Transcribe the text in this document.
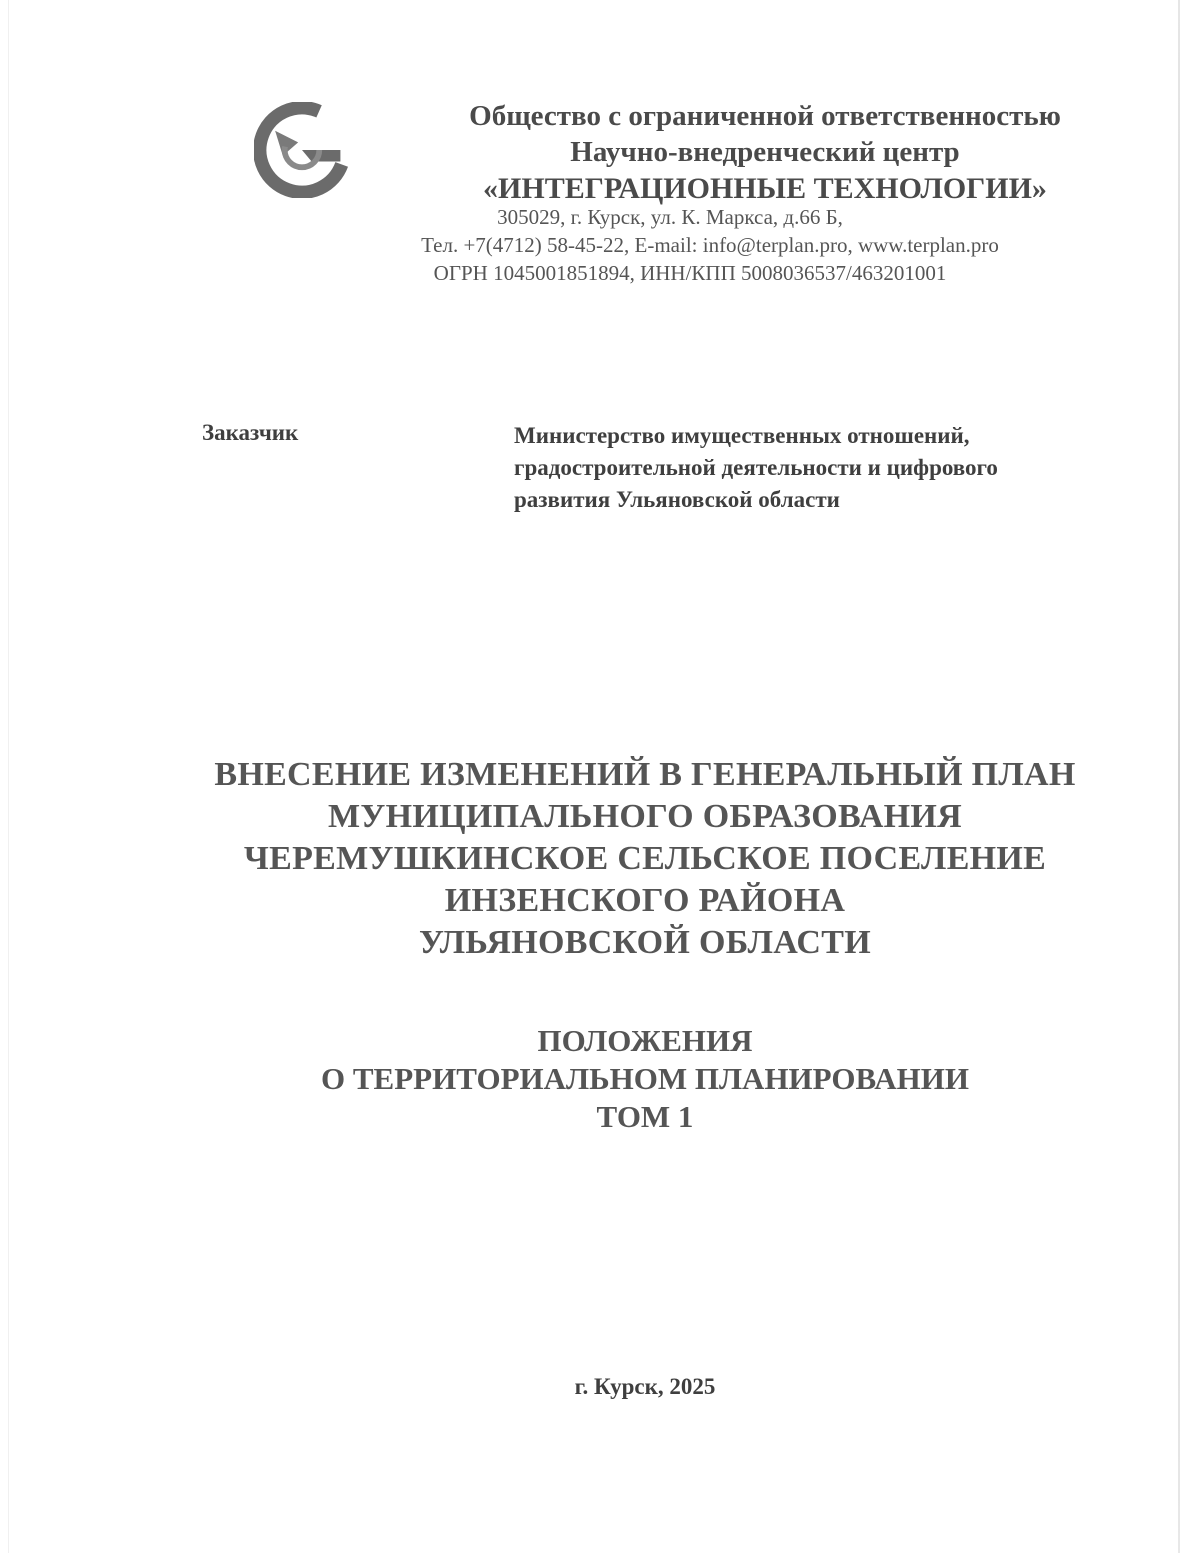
Общество с ограниченной ответственностью
Научно-внедренческий центр
«ИНТЕГРАЦИОННЫЕ ТЕХНОЛОГИИ»
305029, г. Курск, ул. К. Маркса, д.66 Б,
Тел. +7(4712) 58-45-22, E-mail: info@terplan.pro, www.terplan.pro
ОГРН 1045001851894, ИНН/КПП 5008036537/463201001
Заказчик	Министерство имущественных отношений,
градостроительной деятельности и цифрового
развития Ульяновской области
ВНЕСЕНИЕ ИЗМЕНЕНИЙ В ГЕНЕРАЛЬНЫЙ ПЛАН
МУНИЦИПАЛЬНОГО ОБРАЗОВАНИЯ
ЧЕРЕМУШКИНСКОЕ СЕЛЬСКОЕ ПОСЕЛЕНИЕ
ИНЗЕНСКОГО РАЙОНА
УЛЬЯНОВСКОЙ ОБЛАСТИ
ПОЛОЖЕНИЯ
О ТЕРРИТОРИАЛЬНОМ ПЛАНИРОВАНИИ
ТОМ 1
г. Курск, 2025
